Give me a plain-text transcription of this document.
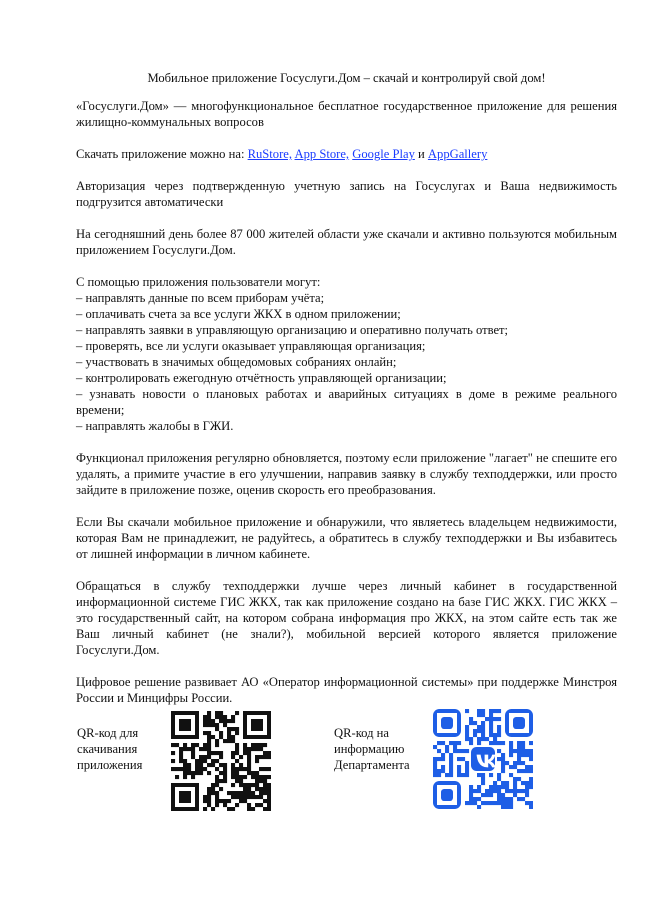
Мобильное приложение Госуслуги.Дом – скачай и контролируй свой дом!

«Госуслуги.Дом» — многофункциональное бесплатное государственное приложение для решения жилищно-коммунальных вопросов

Скачать приложение можно на: RuStore, App Store, Google Play и AppGallery

Авторизация через подтвержденную учетную запись на Госуслугах и Ваша недвижимость подгрузится автоматически

На сегодняшний день более 87 000 жителей области уже скачали и активно пользуются мобильным приложением Госуслуги.Дом.

С помощью приложения пользователи могут:
– направлять данные по всем приборам учёта;
– оплачивать счета за все услуги ЖКХ в одном приложении;
– направлять заявки в управляющую организацию и оперативно получать ответ;
– проверять, все ли услуги оказывает управляющая организация;
– участвовать в значимых общедомовых собраниях онлайн;
– контролировать ежегодную отчётность управляющей организации;
– узнавать новости о плановых работах и аварийных ситуациях в доме в режиме реального времени;
– направлять жалобы в ГЖИ.

Функционал приложения регулярно обновляется, поэтому если приложение "лагает" не спешите его удалять, а примите участие в его улучшении, направив заявку в службу техподдержки, или просто зайдите в приложение позже, оценив скорость его преобразования.

Если Вы скачали мобильное приложение и обнаружили, что являетесь владельцем недвижимости, которая Вам не принадлежит, не радуйтесь, а обратитесь в службу техподдержки и Вы избавитесь от лишней информации в личном кабинете.

Обращаться в службу техподдержки лучше через личный кабинет в государственной информационной системе ГИС ЖКХ, так как приложение создано на базе ГИС ЖКХ. ГИС ЖКХ – это государственный сайт, на котором собрана информация про ЖКХ, на этом сайте есть так же Ваш личный кабинет (не знали?), мобильной версией которого является приложение Госуслуги.Дом.

Цифровое решение развивает АО «Оператор информационной системы» при поддержке Минстроя России и Минцифры России.

QR-код для скачивания приложения
QR-код на информацию Департамента
